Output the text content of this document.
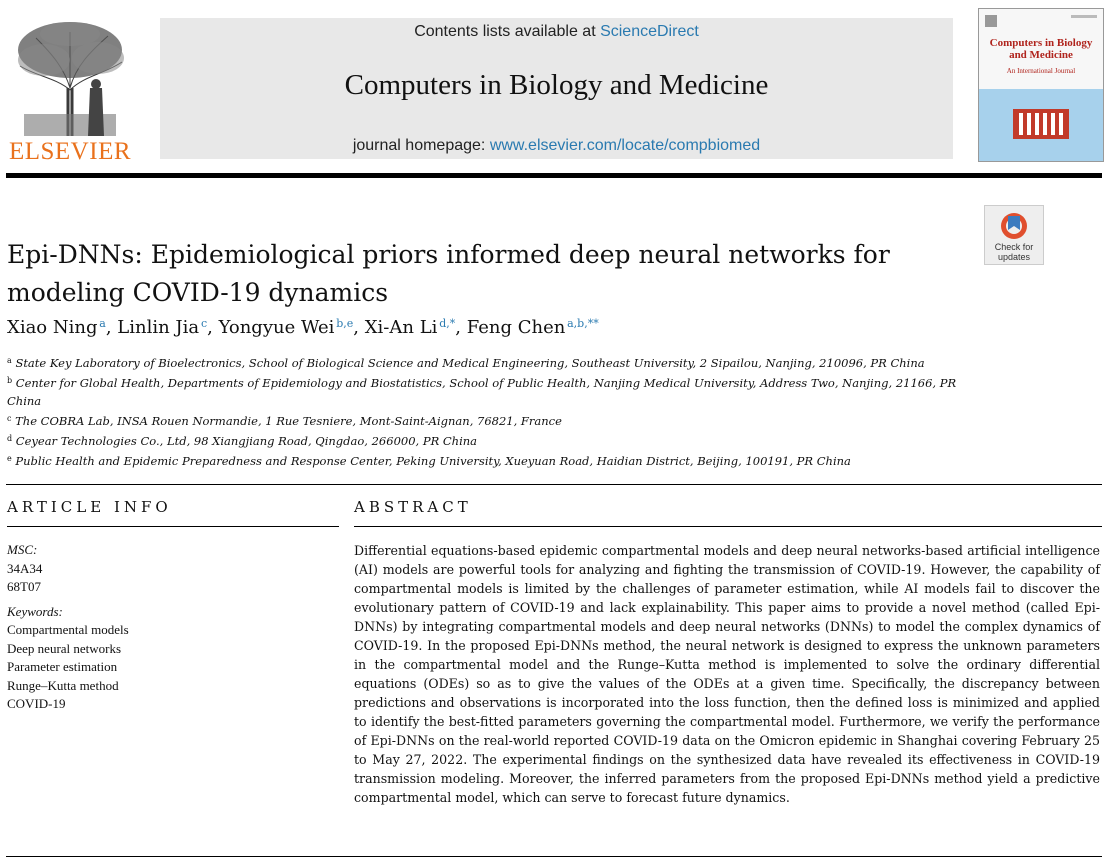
ELSEVIER
Contents lists available at ScienceDirect
Computers in Biology and Medicine
journal homepage: www.elsevier.com/locate/compbiomed
Computers in Biology and Medicine
An International Journal
Check for
updates
Epi-DNNs: Epidemiological priors informed deep neural networks for modeling COVID-19 dynamics
Xiao Ning  $^a$, Linlin Jia  $^c$, Yongyue Wei  $^{b,e}$, Xi-An Li  $^{d,*}$, Feng Chen  $^{a,b,**}$
$^a$ State Key Laboratory of Bioelectronics, School of Biological Science and Medical Engineering, Southeast University, 2 Sipailou, Nanjing, 210096, PR China
$^b$ Center for Global Health, Departments of Epidemiology and Biostatistics, School of Public Health, Nanjing Medical University, Address Two, Nanjing, 21166, PR China
$^c$ The COBRA Lab, INSA Rouen Normandie, 1 Rue Tesniere, Mont-Saint-Aignan, 76821, France
$^d$ Ceyear Technologies Co., Ltd, 98 Xiangjiang Road, Qingdao, 266000, PR China
$^e$ Public Health and Epidemic Preparedness and Response Center, Peking University, Xueyuan Road, Haidian District, Beijing, 100191, PR China
ARTICLE INFO
MSC:
34A34
68T07
Keywords:
Compartmental models
Deep neural networks
Parameter estimation
Runge–Kutta method
COVID-19
ABSTRACT

Differential equations-based epidemic compartmental models and deep neural networks-based artificial intelligence (AI) models are powerful tools for analyzing and fighting the transmission of COVID-19. However, the capability of compartmental models is limited by the challenges of parameter estimation, while AI models fail to discover the evolutionary pattern of COVID-19 and lack explainability. This paper aims to provide a novel method (called Epi-DNNs) by integrating compartmental models and deep neural networks (DNNs) to model the complex dynamics of COVID-19. In the proposed Epi-DNNs method, the neural network is designed to express the unknown parameters in the compartmental model and the Runge–Kutta method is implemented to solve the ordinary differential equations (ODEs) so as to give the values of the ODEs at a given time. Specifically, the discrepancy between predictions and observations is incorporated into the loss function, then the defined loss is minimized and applied to identify the best-fitted parameters governing the compartmental model. Furthermore, we verify the performance of Epi-DNNs on the real-world reported COVID-19 data on the Omicron epidemic in Shanghai covering February 25 to May 27, 2022. The experimental findings on the synthesized data have revealed its effectiveness in COVID-19 transmission modeling. Moreover, the inferred parameters from the proposed Epi-DNNs method yield a predictive compartmental model, which can serve to forecast future dynamics.
